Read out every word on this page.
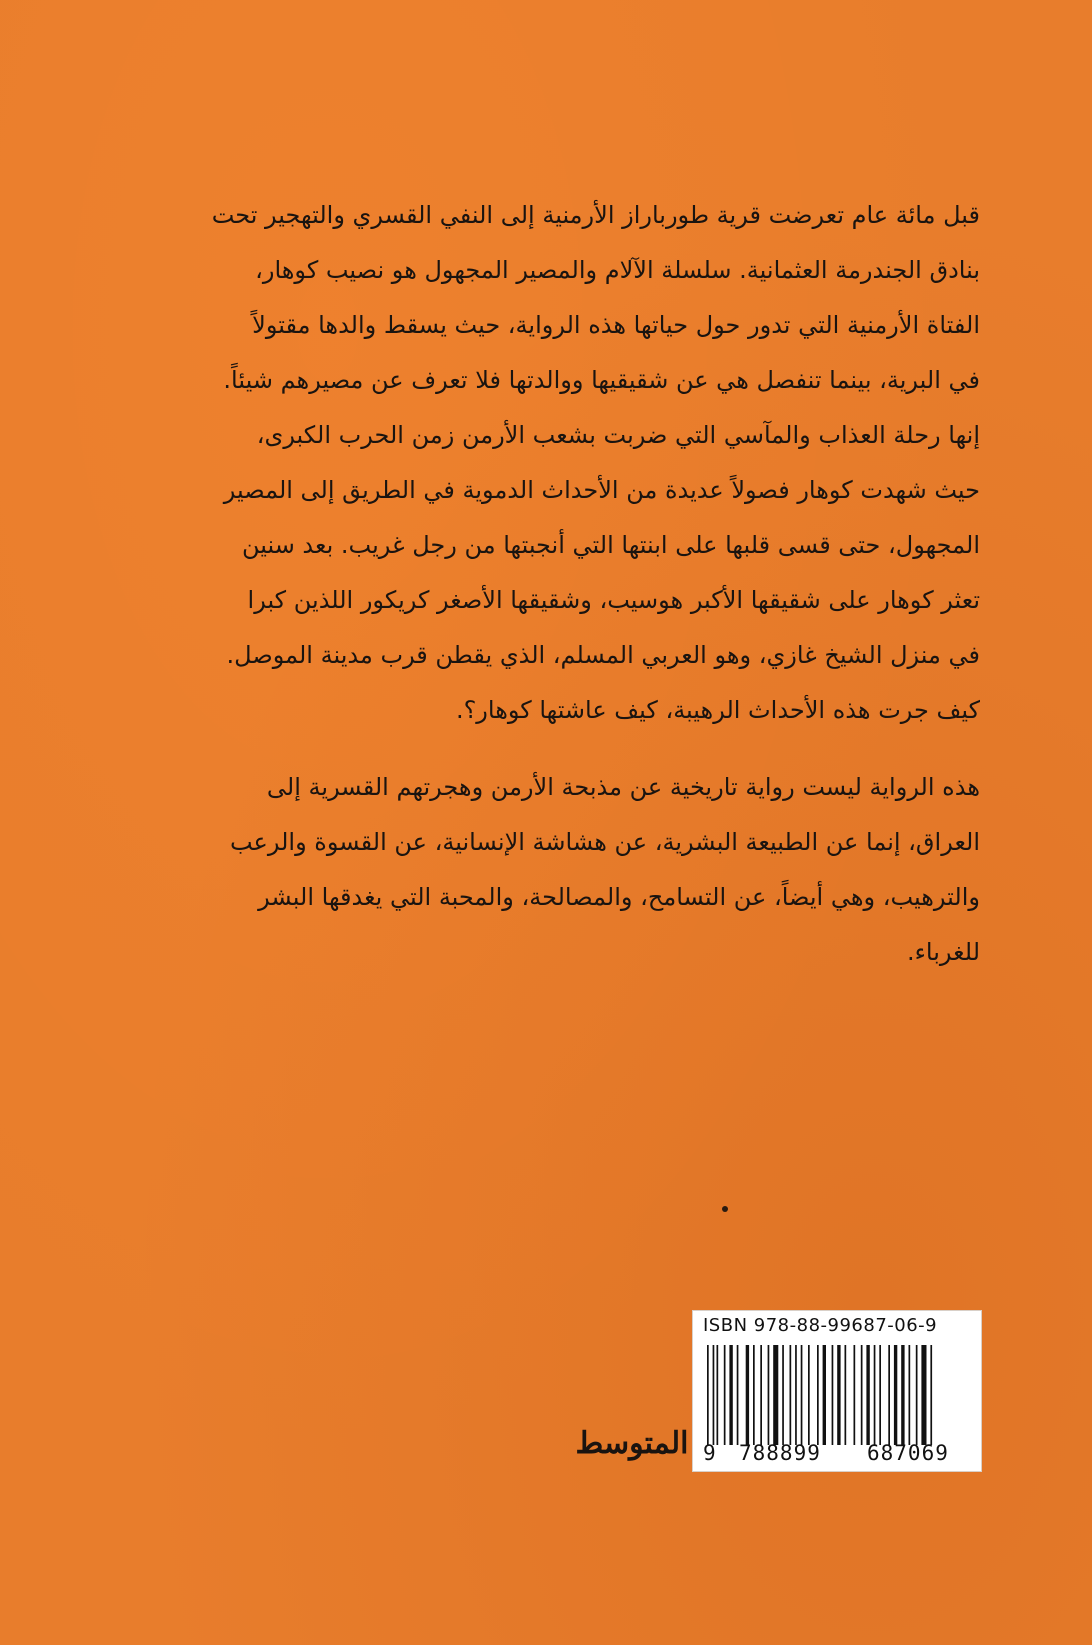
قبل مائة عام تعرضت قرية طورباراز الأرمنية إلى النفي القسري والتهجير تحت
بنادق الجندرمة العثمانية. سلسلة الآلام والمصير المجهول هو نصيب كوهار،
الفتاة الأرمنية التي تدور حول حياتها هذه الرواية، حيث يسقط والدها مقتولاً
في البرية، بينما تنفصل هي عن شقيقيها ووالدتها فلا تعرف عن مصيرهم شيئاً.
إنها رحلة العذاب والمآسي التي ضربت بشعب الأرمن زمن الحرب الكبرى،
حيث شهدت كوهار فصولاً عديدة من الأحداث الدموية في الطريق إلى المصير
المجهول، حتى قسى قلبها على ابنتها التي أنجبتها من رجل غريب. بعد سنين
تعثر كوهار على شقيقها الأكبر هوسيب، وشقيقها الأصغر كريكور اللذين كبرا
في منزل الشيخ غازي، وهو العربي المسلم، الذي يقطن قرب مدينة الموصل.
كيف جرت هذه الأحداث الرهيبة، كيف عاشتها كوهار؟.

هذه الرواية ليست رواية تاريخية عن مذبحة الأرمن وهجرتهم القسرية إلى
العراق، إنما عن الطبيعة البشرية، عن هشاشة الإنسانية، عن القسوة والرعب
والترهيب، وهي أيضاً، عن التسامح، والمصالحة، والمحبة التي يغدقها البشر
للغرباء.

ISBN 978-88-99687-06-9
9 788899 687069
المتوسط
